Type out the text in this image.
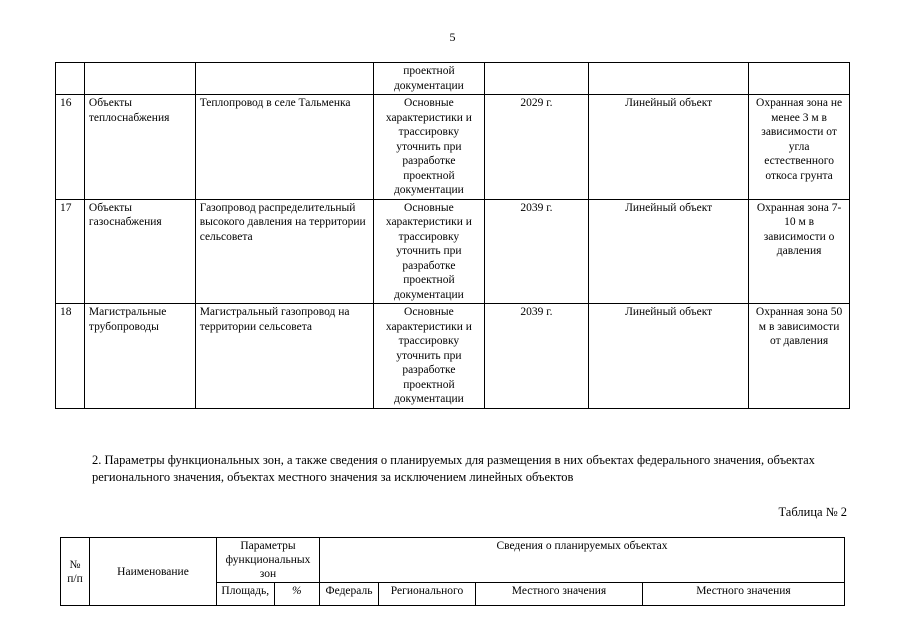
5

			проектной
документации			

16	Объекты теплоснабжения	Теплопровод в селе Тальменка	Основные характеристики и трассировку уточнить при разработке проектной документации	2029 г.	Линейный объект	Охранная зона не менее 3 м в зависимости от угла естественного откоса грунта
17	Объекты газоснабжения	Газопровод распределительный высокого давления на территории сельсовета	Основные характеристики и трассировку уточнить при разработке проектной документации	2039 г.	Линейный объект	Охранная зона 7-10 м в зависимости о давления
18	Магистральные трубопроводы	Магистральный газопровод на территории сельсовета	Основные характеристики и трассировку уточнить при разработке проектной документации	2039 г.	Линейный объект	Охранная зона 50 м в зависимости от давления
2. Параметры функциональных зон, а также сведения о планируемых для размещения в них объектах федерального значения, объектах регионального значения, объектах местного значения за исключением линейных объектов
Таблица № 2
№ п/п	Наименование	Параметры функциональных зон		Сведения о планируемых объектах			
		Площадь,	%	Федераль	Регионального	Местного значения	Местного значения
